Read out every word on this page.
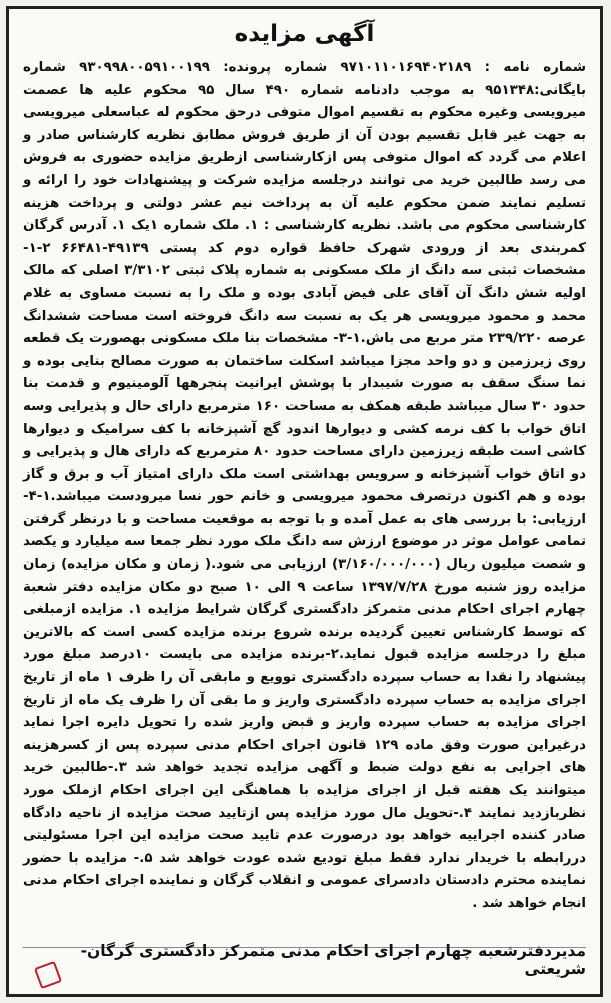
آگهی مزایده
شماره نامه : ۹۷۱۰۱۱۰۱۶۹۴۰۲۱۸۹ شماره پرونده: ۹۳۰۹۹۸۰۰۵۹۱۰۰۱۹۹ شماره بایگانی:۹۵۱۳۴۸ به موجب دادنامه شماره ۴۹۰ سال ۹۵ محکوم علیه ها عصمت میرویسی وغیره محکوم به تقسیم اموال متوفی درحق محکوم له عباسعلی میرویسی به جهت غیر قابل تقسیم بودن آن از طریق فروش مطابق نظریه کارشناس صادر و اعلام می گردد که اموال متوفی پس ازکارشناسی ازطریق مزایده حضوری به فروش می رسد طالبین خرید می توانند درجلسه مزایده شرکت و پیشنهادات خود را ارائه و تسلیم نمایند ضمن محکوم علیه آن به پرداخت نیم عشر دولتی و پرداخت هزینه کارشناسی محکوم می باشد. نظریه کارشناسی : ۱. ملک شماره ۱یک ۱. آدرس گرگان کمربندی بعد از ورودی شهرک حافظ قواره دوم کد پستی ۴۹۱۳۹-۶۶۴۸۱ ۲-۱- مشخصات ثبتی سه دانگ از ملک مسکونی به شماره پلاک ثبتی ۳/۳۱۰۲ اصلی که مالک اولیه شش دانگ آن آقای علی فیض آبادی بوده و ملک را به نسبت مساوی به غلام محمد و محمود میرویسی هر یک به نسبت سه دانگ فروخته است مساحت ششدانگ عرصه ۲۳۹/۲۲۰ متر مربع می باش.۱-۳- مشخصات بنا ملک مسکونی بهصورت یک قطعه روی زیرزمین و دو واحد مجزا میباشد اسکلت ساختمان به صورت مصالح بنایی بوده و نما سنگ سقف به صورت شیبدار با پوشش ایرانیت پنجرهها آلومینیوم و قدمت بنا حدود ۳۰ سال میباشد طبقه همکف به مساحت ۱۶۰ مترمربع دارای حال و پذیرایی وسه اتاق خواب با کف نرمه کشی و دیوارها اندود گچ آشپزخانه با کف سرامیک و دیوارها کاشی است طبقه زیرزمین دارای مساحت حدود ۸۰ مترمربع که دارای هال و پذیرایی و دو اتاق خواب آشپزخانه و سرویس بهداشتی است ملک دارای امتیاز آب و برق و گاز بوده و هم اکنون درتصرف محمود میرویسی و خانم حور نسا میرودست میباشد.۱-۴- ارزیابی: با بررسی های به عمل آمده و با توجه به موقعیت مساحت و با درنظر گرفتن تمامی عوامل موثر در موضوع ارزش سه دانگ ملک مورد نظر جمعا سه میلیارد و یکصد و شصت میلیون ریال (۳/۱۶۰/۰۰۰/۰۰۰) ارزیابی می شود.( زمان و مکان مزایده) زمان مزایده روز شنبه مورخ ۱۳۹۷/۷/۲۸ ساعت ۹ الی ۱۰ صبح دو مکان مزایده دفتر شعبة چهارم اجرای احکام مدنی متمرکز دادگستری گرگان شرایط مزایده ۱. مزایده ازمبلغی که توسط کارشناس تعیین گردیده برنده شروع برنده مزایده کسی است که بالاترین مبلغ را درجلسه مزایده قبول نماید.۲-برنده مزایده می بایست ۱۰درصد مبلغ مورد پیشنهاد را نقدا به حساب سپرده دادگستری توویع و مابقی آن را ظرف ۱ ماه از تاریخ اجرای مزایده به حساب سپرده دادگستری واریز و ما بقی آن را ظرف یک ماه از تاریخ اجرای مزایده به حساب سپرده واریز و قبض واریز شده را تحویل دایره اجرا نماید درغیراین صورت وفق ماده ۱۲۹ قانون اجرای احکام مدنی سپرده پس از کسرهزینه های اجرایی به نفع دولت ضبط و آگهی مزایده تجدید خواهد شد ۳.-طالبین خرید میتوانند یک هفته قبل از اجرای مزایده با هماهنگی این اجرای احکام ازملک مورد نظربازدید نمایند ۴.-تحویل مال مورد مزایده پس ازتایید صحت مزایده از ناحیه دادگاه صادر کننده اجراییه خواهد بود درصورت عدم تایید صحت مزایده این اجرا مسئولیتی دررابطه با خریدار ندارد فقط مبلغ تودیع شده عودت خواهد شد ۵.- مزایده با حضور نماینده محترم دادستان دادسرای عمومی و انقلاب گرگان و نماینده اجرای احکام مدنی انجام خواهد شد .
مدیردفترشعبه چهارم اجرای احکام مدنی متمرکز دادگستری گرگان- شریعتی
